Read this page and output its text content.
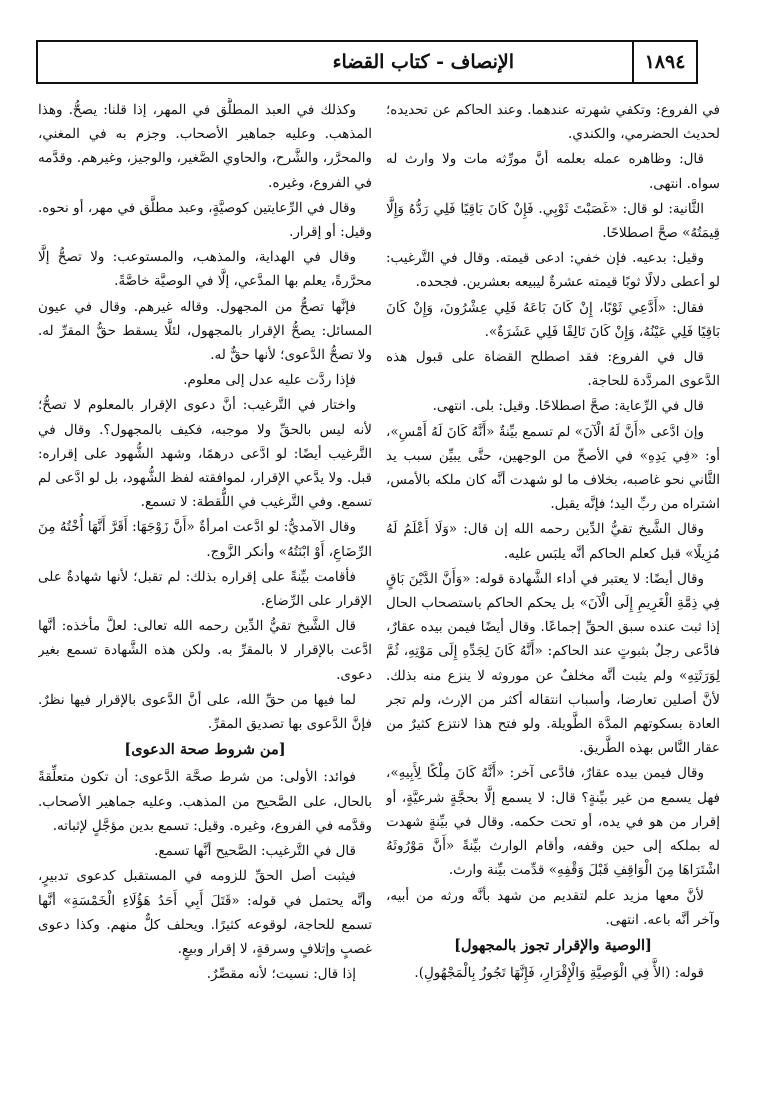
١٨٩٤
الإنصاف - كتاب القضاء

في الفروع: وتكفي شهرته عندهما. وعند الحاكم عن تحديده؛ لحديث الحضرمي، والكندي.

قال: وظاهره عمله بعلمه أنَّ مورِّثه مات ولا وارث له سواه. انتهى.

الثَّانية: لو قال: «غَصَبْتَ ثَوْبِي. فَإِنْ كَانَ بَاقِيًا فَلِي رَدُّهُ وَإِلَّا قِيمَتُهُ» صحَّ اصطلاحًا.

وقيل: بدعيه. فإن خفي: ادعى قيمته. وقال في التَّرغيب: لو أعطى دلالًا ثوبًا قيمته عشرةٌ ليبيعه بعشرين. فجحده.

فقال: «أَدَّعِي ثَوْبًا، إِنْ كَانَ بَاعَهُ فَلِي عِشْرُونَ، وَإِنْ كَانَ بَاقِيًا فَلِي عَيْنُهُ، وَإِنْ كَانَ تَالِفًا فَلِي عَشَرَةٌ».

قال في الفروع: فقد اصطلح القضاة على قبول هذه الدَّعوى المردَّدة للحاجة.

قال في الرِّعاية: صحَّ اصطلاحًا. وقيل: بلى. انتهى.

وإن ادَّعى «أَنَّ لَهُ الْآنَ» لم تسمع بيِّنةٌ «أَنَّهُ كَانَ لَهُ أَمْسِ»، أو: «فِي يَدِهِ» في الأصحِّ من الوجهين، حتَّى يبيِّن سبب يد الثَّاني نحو غاصبه، بخلاف ما لو شهدت أنَّه كان ملكه بالأمس، اشتراه من ربِّ اليد؛ فإنَّه يقبل.

وقال الشَّيخ تقيُّ الدِّين رحمه الله إن قال: «وَلَا أَعْلَمُ لَهُ مُزِيلًا» قبل كعلم الحاكم أنَّه يلبَس عليه.

وقال أيضًا: لا يعتبر في أداء الشَّهادة قوله: «وَأَنَّ الدَّيْنَ بَاقٍ فِي ذِمَّةِ الْغَرِيمِ إِلَى الْآنَ» بل يحكم الحاكم باستصحاب الحال إذا ثبت عنده سبق الحقِّ إجماعًا. وقال أيضًا فيمن بيده عقارٌ، فادَّعى رجلٌ بثبوتٍ عند الحاكم: «أَنَّهُ كَانَ لِجَدِّهِ إِلَى مَوْتِهِ، ثُمَّ لِوَرَثَتِهِ» ولم يثبت أنَّه مخلفٌ عن موروثه لا ينزع منه بذلك. لأنَّ أصلين تعارضا، وأسباب انتقاله أكثر من الإرث، ولم تجر العادة بسكوتهم المدَّة الطَّويلة. ولو فتح هذا لانتزع كثيرٌ من عقار النَّاس بهذه الطَّريق.

وقال فيمن بيده عقارٌ، فادَّعى آخر: «أَنَّهُ كَانَ مِلْكًا لِأَبِيهِ»، فهل يسمع من غير بيِّنةٍ؟ قال: لا يسمع إلَّا بحجَّةٍ شرعيَّةٍ، أو إقرار من هو في يده، أو تحت حكمه. وقال في بيِّنةٍ شهدت له بملكه إلى حين وقفه، وأقام الوارث بيِّنةً «أَنَّ مَوْرُوثَهُ اشْتَرَاهَا مِنَ الْوَاقِفِ قَبْلَ وَقْفِهِ» قدِّمت بيِّنة وارث.

لأنَّ معها مزيد علم لتقديم من شهد بأنَّه ورثه من أبيه، وآخر أنَّه باعه. انتهى.

[الوصية والإقرار تجوز بالمجهول]

قوله: (الأَّ فِي الْوَصِيَّةِ وَالْإِقْرَارِ، فَإِنَّهَا تَجُوزُ بِالْمَجْهُولِ).

وكذلك في العبد المطلَّق في المهر، إذا قلنا: يصحُّ. وهذا المذهب. وعليه جماهير الأصحاب. وجزم به في المغني، والمحرَّر، والشَّرح، والحاوي الصَّغير، والوجيز، وغيرهم. وقدَّمه في الفروع، وغيره.

وقال في الرِّعايتين كوصيَّةٍ، وعبد مطلَّق في مهر، أو نحوه. وقيل: أو إقرار.

وقال في الهداية، والمذهب، والمستوعب: ولا تصحُّ إلَّا محرَّرةً، يعلم بها المدَّعي، إلَّا في الوصيَّة خاصَّةً.

فإنَّها تصحُّ من المجهول. وقاله غيرهم. وقال في عيون المسائل: يصحُّ الإقرار بالمجهول، لئلَّا يسقط حقُّ المقرِّ له. ولا تصحُّ الدَّعوى؛ لأنها حقٌّ له.

فإذا ردَّت عليه عدل إلى معلوم.

واختار في التَّرغيب: أنَّ دعوى الإقرار بالمعلوم لا تصحُّ؛ لأنه ليس بالحقِّ ولا موجبه، فكيف بالمجهول؟. وقال في التَّرغيب أيضًا: لو ادَّعى درهمًا، وشهد الشُّهود على إقراره: قبل. ولا يدَّعي الإقرار، لموافقته لفظ الشُّهود، بل لو ادَّعى لم تسمع. وفي التَّرغيب في اللُّقطة: لا تسمع.

وقال الآمديُّ: لو ادَّعت امرأةٌ «أَنَّ زَوْجَهَا: أَقَرَّ أَنَّهَا أُخْتُهُ مِنَ الرِّضَاعِ، أَوْ ابْنَتُهُ» وأنكر الزَّوج.

فأقامت بيِّنةً على إقراره بذلك: لم تقبل؛ لأنها شهادةٌ على الإقرار على الرِّضاع.

قال الشَّيخ تقيُّ الدِّين رحمه الله تعالى: لعلَّ مأخذه: أنَّها ادَّعت بالإقرار لا بالمقرِّ به. ولكن هذه الشَّهادة تسمع بغير دعوى.

لما فيها من حقِّ الله، على أنَّ الدَّعوى بالإقرار فيها نظرٌ. فإنَّ الدَّعوى بها تصديق المقرِّ.

[من شروط صحة الدعوى]

فوائد: الأولى: من شرط صحَّة الدَّعوى: أن تكون متعلِّقةً بالحال، على الصَّحيح من المذهب. وعليه جماهير الأصحاب. وقدَّمه في الفروع، وغيره. وقيل: تسمع بدين مؤجَّلٍ لإثباته.

قال في التَّرغيب: الصَّحيح أنَّها تسمع.

فيثبت أصل الحقِّ للزومه في المستقبل كدعوى تدبيرٍ، وأنَّه يحتمل في قوله: «قَتَلَ أَبِي أَحَدُ هَؤُلَاءِ الْخَمْسَةِ» أنَّها تسمع للحاجة، لوقوعه كثيرًا. ويحلف كلٌّ منهم. وكذا دعوى غصبٍ وإتلافٍ وسرقةٍ، لا إقرار وبيعٍ.

إذا قال: نسيت؛ لأنه مقصِّرٌ.
